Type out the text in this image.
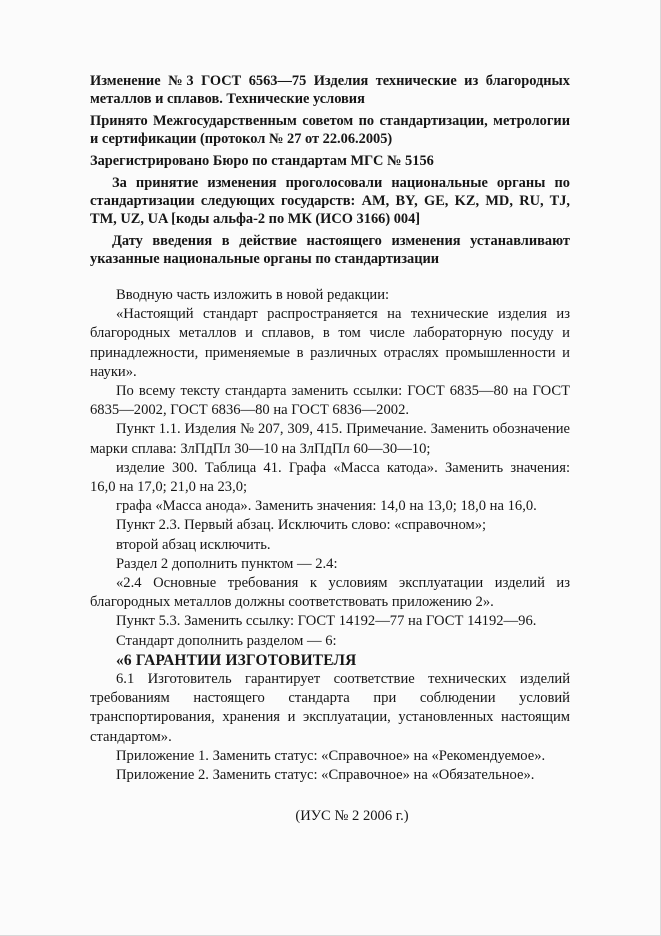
Изменение №3 ГОСТ 6563—75 Изделия технические из благородных металлов и сплавов. Технические условия

Принято Межгосударственным советом по стандартизации, метрологии и сертификации (протокол № 27 от 22.06.2005)

Зарегистрировано Бюро по стандартам МГС № 5156

За принятие изменения проголосовали национальные органы по стандартизации следующих государств: AM, BY, GE, KZ, MD, RU, TJ, TM, UZ, UA [коды альфа-2 по МК (ИСО 3166) 004]

Дату введения в действие настоящего изменения устанавливают указанные национальные органы по стандартизации

Вводную часть изложить в новой редакции:

«Настоящий стандарт распространяется на технические изделия из благородных металлов и сплавов, в том числе лабораторную посуду и принадлежности, применяемые в различных отраслях промышленности и науки».

По всему тексту стандарта заменить ссылки: ГОСТ 6835—80 на ГОСТ 6835—2002, ГОСТ 6836—80 на ГОСТ 6836—2002.

Пункт 1.1. Изделия № 207, 309, 415. Примечание. Заменить обозначение марки сплава: ЗлПдПл 30—10 на ЗлПдПл 60—30—10;

изделие 300. Таблица 41. Графа «Масса катода». Заменить значения: 16,0 на 17,0; 21,0 на 23,0;

графа «Масса анода». Заменить значения: 14,0 на 13,0; 18,0 на 16,0.

Пункт 2.3. Первый абзац. Исключить слово: «справочном»;

второй абзац исключить.

Раздел 2 дополнить пунктом — 2.4:

«2.4 Основные требования к условиям эксплуатации изделий из благородных металлов должны соответствовать приложению 2».

Пункт 5.3. Заменить ссылку: ГОСТ 14192—77 на ГОСТ 14192—96.

Стандарт дополнить разделом — 6:

«6 ГАРАНТИИ ИЗГОТОВИТЕЛЯ

6.1 Изготовитель гарантирует соответствие технических изделий требованиям настоящего стандарта при соблюдении условий транспортирования, хранения и эксплуатации, установленных настоящим стандартом».

Приложение 1. Заменить статус: «Справочное» на «Рекомендуемое».

Приложение 2. Заменить статус: «Справочное» на «Обязательное».

(ИУС № 2 2006 г.)
